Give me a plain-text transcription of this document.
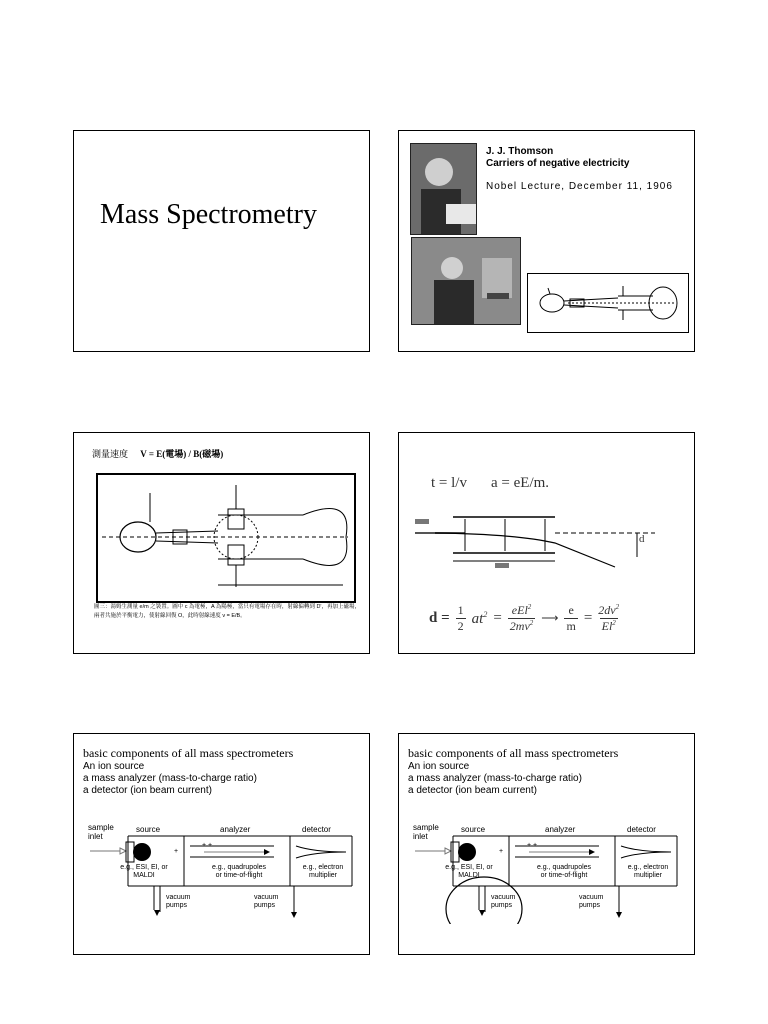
Mass Spectrometry
J. J. Thomson
Carriers of negative electricity
Nobel Lecture, December 11, 1906
測量速度 V = E(電場) / B(磁場)
圖三：湯姆生測量 e/m 之裝置。圖中 c 為電極，A 為陽極，當只有電場存在時，射線偏轉到 D'，再加上磁場，
兩者共施於平衡電力，使射線回復 O，此時射線速度 v = E/B。
t = l/v a = eE/m.
d
$d = \frac{1}{2} at^2 = eEl^2$
$2mv^2$ ⟶ $\frac{e}{m} = \frac{2dv^2}{El^2}$
basic components of all mass spectrometers
An ion source
a mass analyzer (mass-to-charge ratio)
a detector (ion beam current)
sample
inlet
source	analyzer	detector
+ +
+
e.g., ESI, EI, or
MALDI
e.g., quadrupoles
or time-of-flight
e.g., electron
multiplier
vacuum
pumps
vacuum
pumps
basic components of all mass spectrometers
An ion source
a mass analyzer (mass-to-charge ratio)
a detector (ion beam current)
sample
inlet
source	analyzer	detector
+ +
+
e.g., ESI, EI, or
MALDI
e.g., quadrupoles
or time-of-flight
e.g., electron
multiplier
vacuum
pumps
vacuum
pumps
